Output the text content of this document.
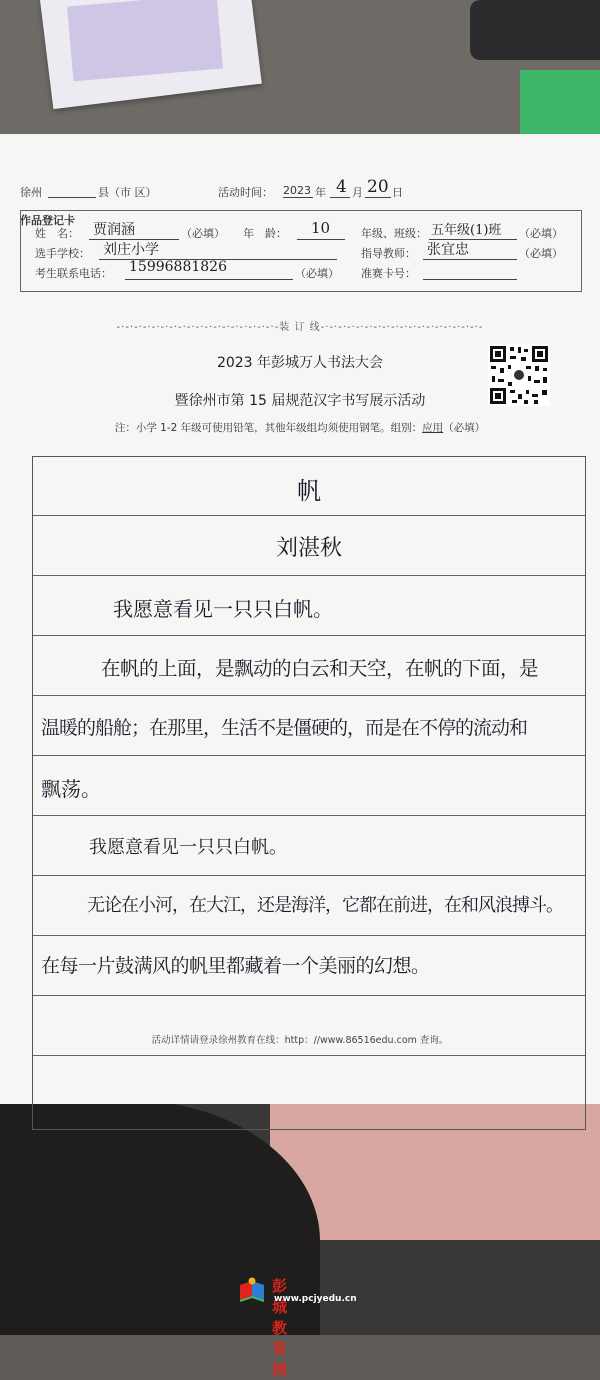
徐州	县（市 区）	活动时间： 2023 年 4 月 20 日
作品登记卡
姓　名： 贾润涵	（必填） 年　龄： 10	年级、班级： 五年级(1)班 （必填）
选手学校： 刘庄小学	指导教师： 张宜忠	（必填）
考生联系电话： 15996881826	（必填） 准赛卡号：
-·-·-·-·-·-·-·-·-·-·-·-·-·-·-·-·-·-·-装 订 线-·-·-·-·-·-·-·-·-·-·-·-·-·-·-·-·-·-·-
2023 年彭城万人书法大会
暨徐州市第 15 届规范汉字书写展示活动
注：小学 1-2 年级可使用铅笔，其他年级组均须使用钢笔。组别：应用（必填）
帆
刘湛秋
我愿意看见一只只白帆。
在帆的上面，是飘动的白云和天空，在帆的下面，是
温暖的船舱；在那里，生活不是僵硬的，而是在不停的流动和
飘荡。
我愿意看见一只只白帆。
无论在小河，在大江，还是海洋，它都在前进，在和风浪搏斗。
在每一片鼓满风的帆里都藏着一个美丽的幻想。
活动详情请登录徐州教育在线：http：//www.86516edu.com 查询。
彭城教育网
www.pcjyedu.cn
